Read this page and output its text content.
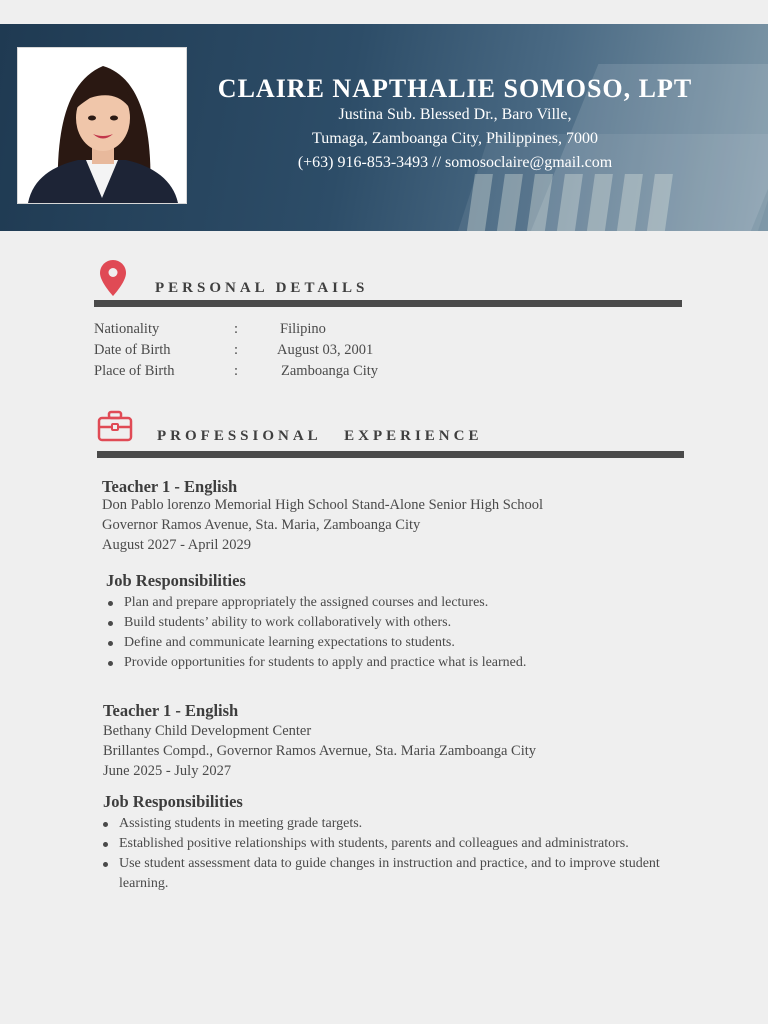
CLAIRE NAPTHALIE SOMOSO, LPT
Justina Sub. Blessed Dr., Baro Ville,
Tumaga, Zamboanga City, Philippines, 7000
(+63) 916-853-3493 // somosoclaire@gmail.com
PERSONAL DETAILS
Nationality	:	Filipino
Date of Birth	:	August 03, 2001
Place of Birth	:	Zamboanga City
PROFESSIONAL   EXPERIENCE
Teacher 1 - English
Don Pablo lorenzo Memorial High School Stand-Alone Senior High School
Governor Ramos Avenue, Sta. Maria, Zamboanga City
August 2027 - April 2029
Job Responsibilities
Plan and prepare appropriately the assigned courses and lectures.
Build students’ ability to work collaboratively with others.
Define and communicate learning expectations to students.
Provide opportunities for students to apply and practice what is learned.
Teacher 1 - English
Bethany Child Development Center
Brillantes Compd., Governor Ramos Avernue, Sta. Maria Zamboanga City
June 2025 - July 2027
Job Responsibilities
Assisting students in meeting grade targets.
Established positive relationships with students, parents and colleagues and administrators.
Use student assessment data to guide changes in instruction and practice, and to improve student learning.
